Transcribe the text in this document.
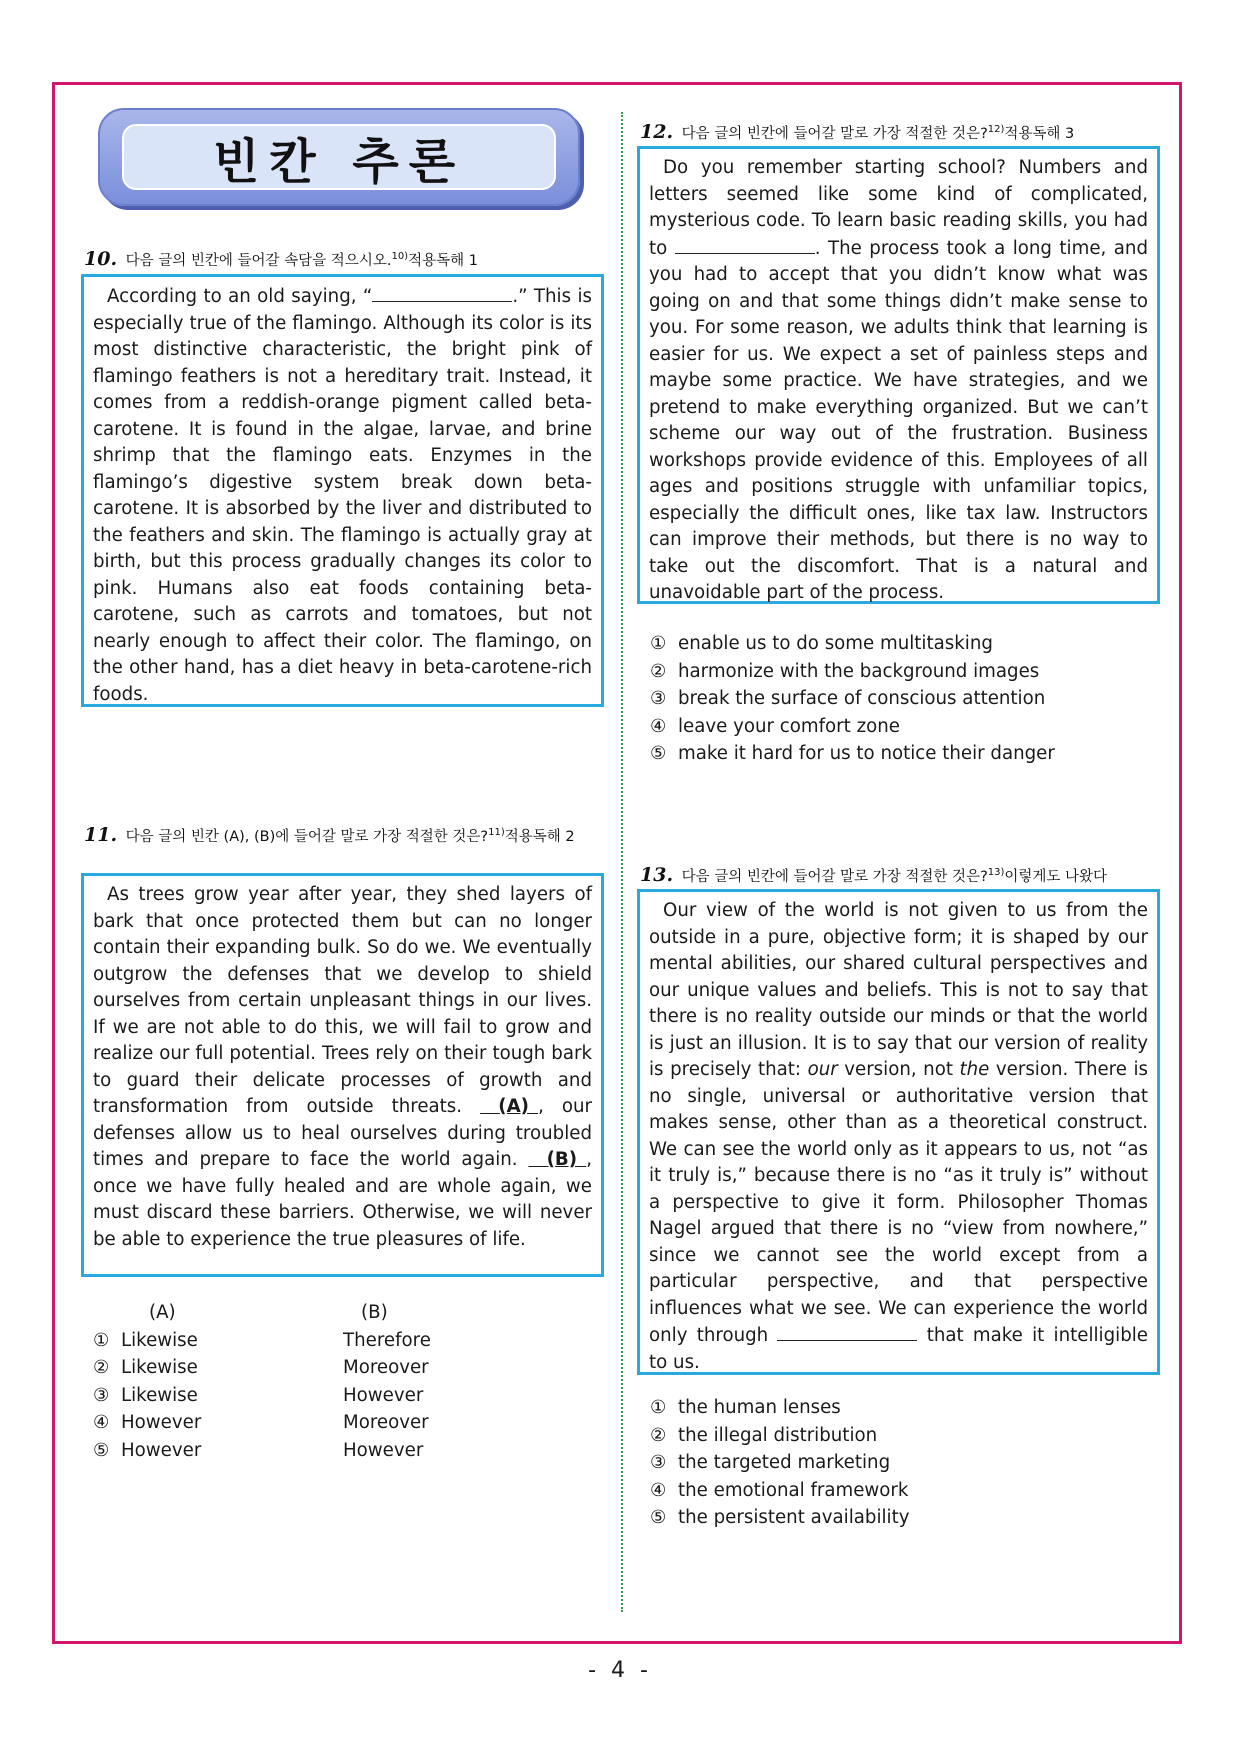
빈칸 추론
10. 다음 글의 빈칸에 들어갈 속담을 적으시오.$^{10)}$적용독해 1

According to an old saying, “	.” This is especially true of the flamingo. Although its color is its most distinctive characteristic, the bright pink of flamingo feathers is not a hereditary trait. Instead, it comes from a reddish-orange pigment called beta-carotene. It is found in the algae, larvae, and brine shrimp that the flamingo eats. Enzymes in the flamingo’s digestive system break down beta-carotene. It is absorbed by the liver and distributed to the feathers and skin. The flamingo is actually gray at birth, but this process gradually changes its color to pink. Humans also eat foods containing beta-carotene, such as carrots and tomatoes, but not nearly enough to affect their color. The flamingo, on the other hand, has a diet heavy in beta-carotene-rich foods.

11. 다음 글의 빈칸 (A), (B)에 들어갈 말로 가장 적절한 것은?$^{11)}$적용독해 2

As trees grow year after year, they shed layers of bark that once protected them but can no longer contain their expanding bulk. So do we. We eventually outgrow the defenses that we develop to shield ourselves from certain unpleasant things in our lives. If we are not able to do this, we will fail to grow and realize our full potential. Trees rely on their tough bark to guard their delicate processes of growth and transformation from outside threats.  (A)  , our defenses allow us to heal ourselves during troubled times and prepare to face the world again.  (B)  , once we have fully healed and are whole again, we must discard these barriers. Otherwise, we will never be able to experience the true pleasures of life.

(A)	(B)
① Likewise	Therefore
② Likewise	Moreover
③ Likewise	However
④ However	Moreover
⑤ However	However
12. 다음 글의 빈칸에 들어갈 말로 가장 적절한 것은?$^{12)}$적용독해 3

Do you remember starting school? Numbers and letters seemed like some kind of complicated, mysterious code. To learn basic reading skills, you had to	. The process took a long time, and you had to accept that you didn’t know what was going on and that some things didn’t make sense to you. For some reason, we adults think that learning is easier for us. We expect a set of painless steps and maybe some practice. We have strategies, and we pretend to make everything organized. But we can’t scheme our way out of the frustration. Business workshops provide evidence of this. Employees of all ages and positions struggle with unfamiliar topics, especially the difficult ones, like tax law. Instructors can improve their methods, but there is no way to take out the discomfort. That is a natural and unavoidable part of the process.

① enable us to do some multitasking
② harmonize with the background images
③ break the surface of conscious attention
④ leave your comfort zone
⑤ make it hard for us to notice their danger
13. 다음 글의 빈칸에 들어갈 말로 가장 적절한 것은?$^{13)}$이렇게도 나왔다

Our view of the world is not given to us from the outside in a pure, objective form; it is shaped by our mental abilities, our shared cultural perspectives and our unique values and beliefs. This is not to say that there is no reality outside our minds or that the world is just an illusion. It is to say that our version of reality is precisely that: our version, not the version. There is no single, universal or authoritative version that makes sense, other than as a theoretical construct. We can see the world only as it appears to us, not “as it truly is,” because there is no “as it truly is” without a perspective to give it form. Philosopher Thomas Nagel argued that there is no “view from nowhere,” since we cannot see the world except from a particular perspective, and that perspective influences what we see. We can experience the world only through	that make it intelligible to us.

① the human lenses
② the illegal distribution
③ the targeted marketing
④ the emotional framework
⑤ the persistent availability
- 4 -
